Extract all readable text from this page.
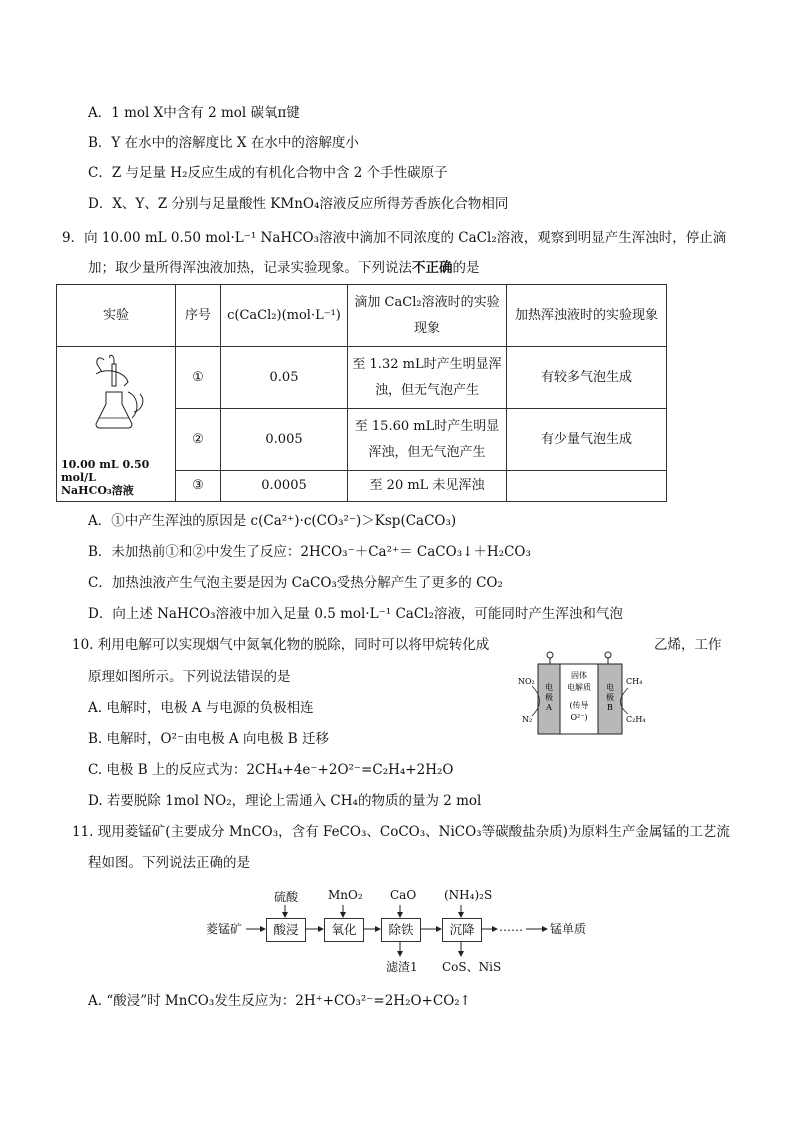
A．1 mol X中含有 2 mol 碳氧π键
B．Y 在水中的溶解度比 X 在水中的溶解度小
C．Z 与足量 H₂反应生成的有机化合物中含 2 个手性碳原子
D．X、Y、Z 分别与足量酸性 KMnO₄溶液反应所得芳香族化合物相同
9．向 10.00 mL 0.50 mol·L⁻¹ NaHCO₃溶液中滴加不同浓度的 CaCl₂溶液，观察到明显产生浑浊时，停止滴
加；取少量所得浑浊液加热，记录实验现象。下列说法不正确的是
实验	序号	c(CaCl₂)(mol·L⁻¹)	滴加 CaCl₂溶液时的实验现象	加热浑浊液时的实验现象

10.00 mL 0.50 mol/L
NaHCO₃溶液	①	0.05	至 1.32 mL时产生明显浑浊，但无气泡产生	有较多气泡生成
	②	0.005	至 15.60 mL时产生明显浑浊，但无气泡产生	有少量气泡生成
	③	0.0005	至 20 mL 未见浑浊	
A．①中产生浑浊的原因是 c(Ca²⁺)·c(CO₃²⁻)＞Ksp(CaCO₃)
B．未加热前①和②中发生了反应：2HCO₃⁻＋Ca²⁺＝ CaCO₃↓＋H₂CO₃
C．加热浊液产生气泡主要是因为 CaCO₃受热分解产生了更多的 CO₂
D．向上述 NaHCO₃溶液中加入足量 0.5 mol·L⁻¹ CaCl₂溶液，可能同时产生浑浊和气泡
10. 利用电解可以实现烟气中氮氧化物的脱除，同时可以将甲烷转化成	乙烯，工作
原理如图所示。下列说法错误的是
A. 电解时，电极 A 与电源的负极相连
B. 电解时，O²⁻由电极 A 向电极 B 迁移
C. 电极 B 上的反应式为：2CH₄+4e⁻+2O²⁻=C₂H₄+2H₂O
D. 若要脱除 1mol NO₂，理论上需通入 CH₄的物质的量为 2 mol
电
极
A
固体
电解质
(传导
O²⁻)
电
极
B
NO₂
N₂
CH₄
C₂H₄
11. 现用菱锰矿(主要成分 MnCO₃，含有 FeCO₃、CoCO₃、NiCO₃等碳酸盐杂质)为原料生产金属锰的工艺流
程如图。下列说法正确的是
菱锰矿
硫酸 MnO₂ CaO (NH₄)₂S
酸浸	氧化	除铁	沉降	…… 锰单质
滤渣1 CoS、NiS
A. “酸浸”时 MnCO₃发生反应为：2H⁺+CO₃²⁻=2H₂O+CO₂↑
